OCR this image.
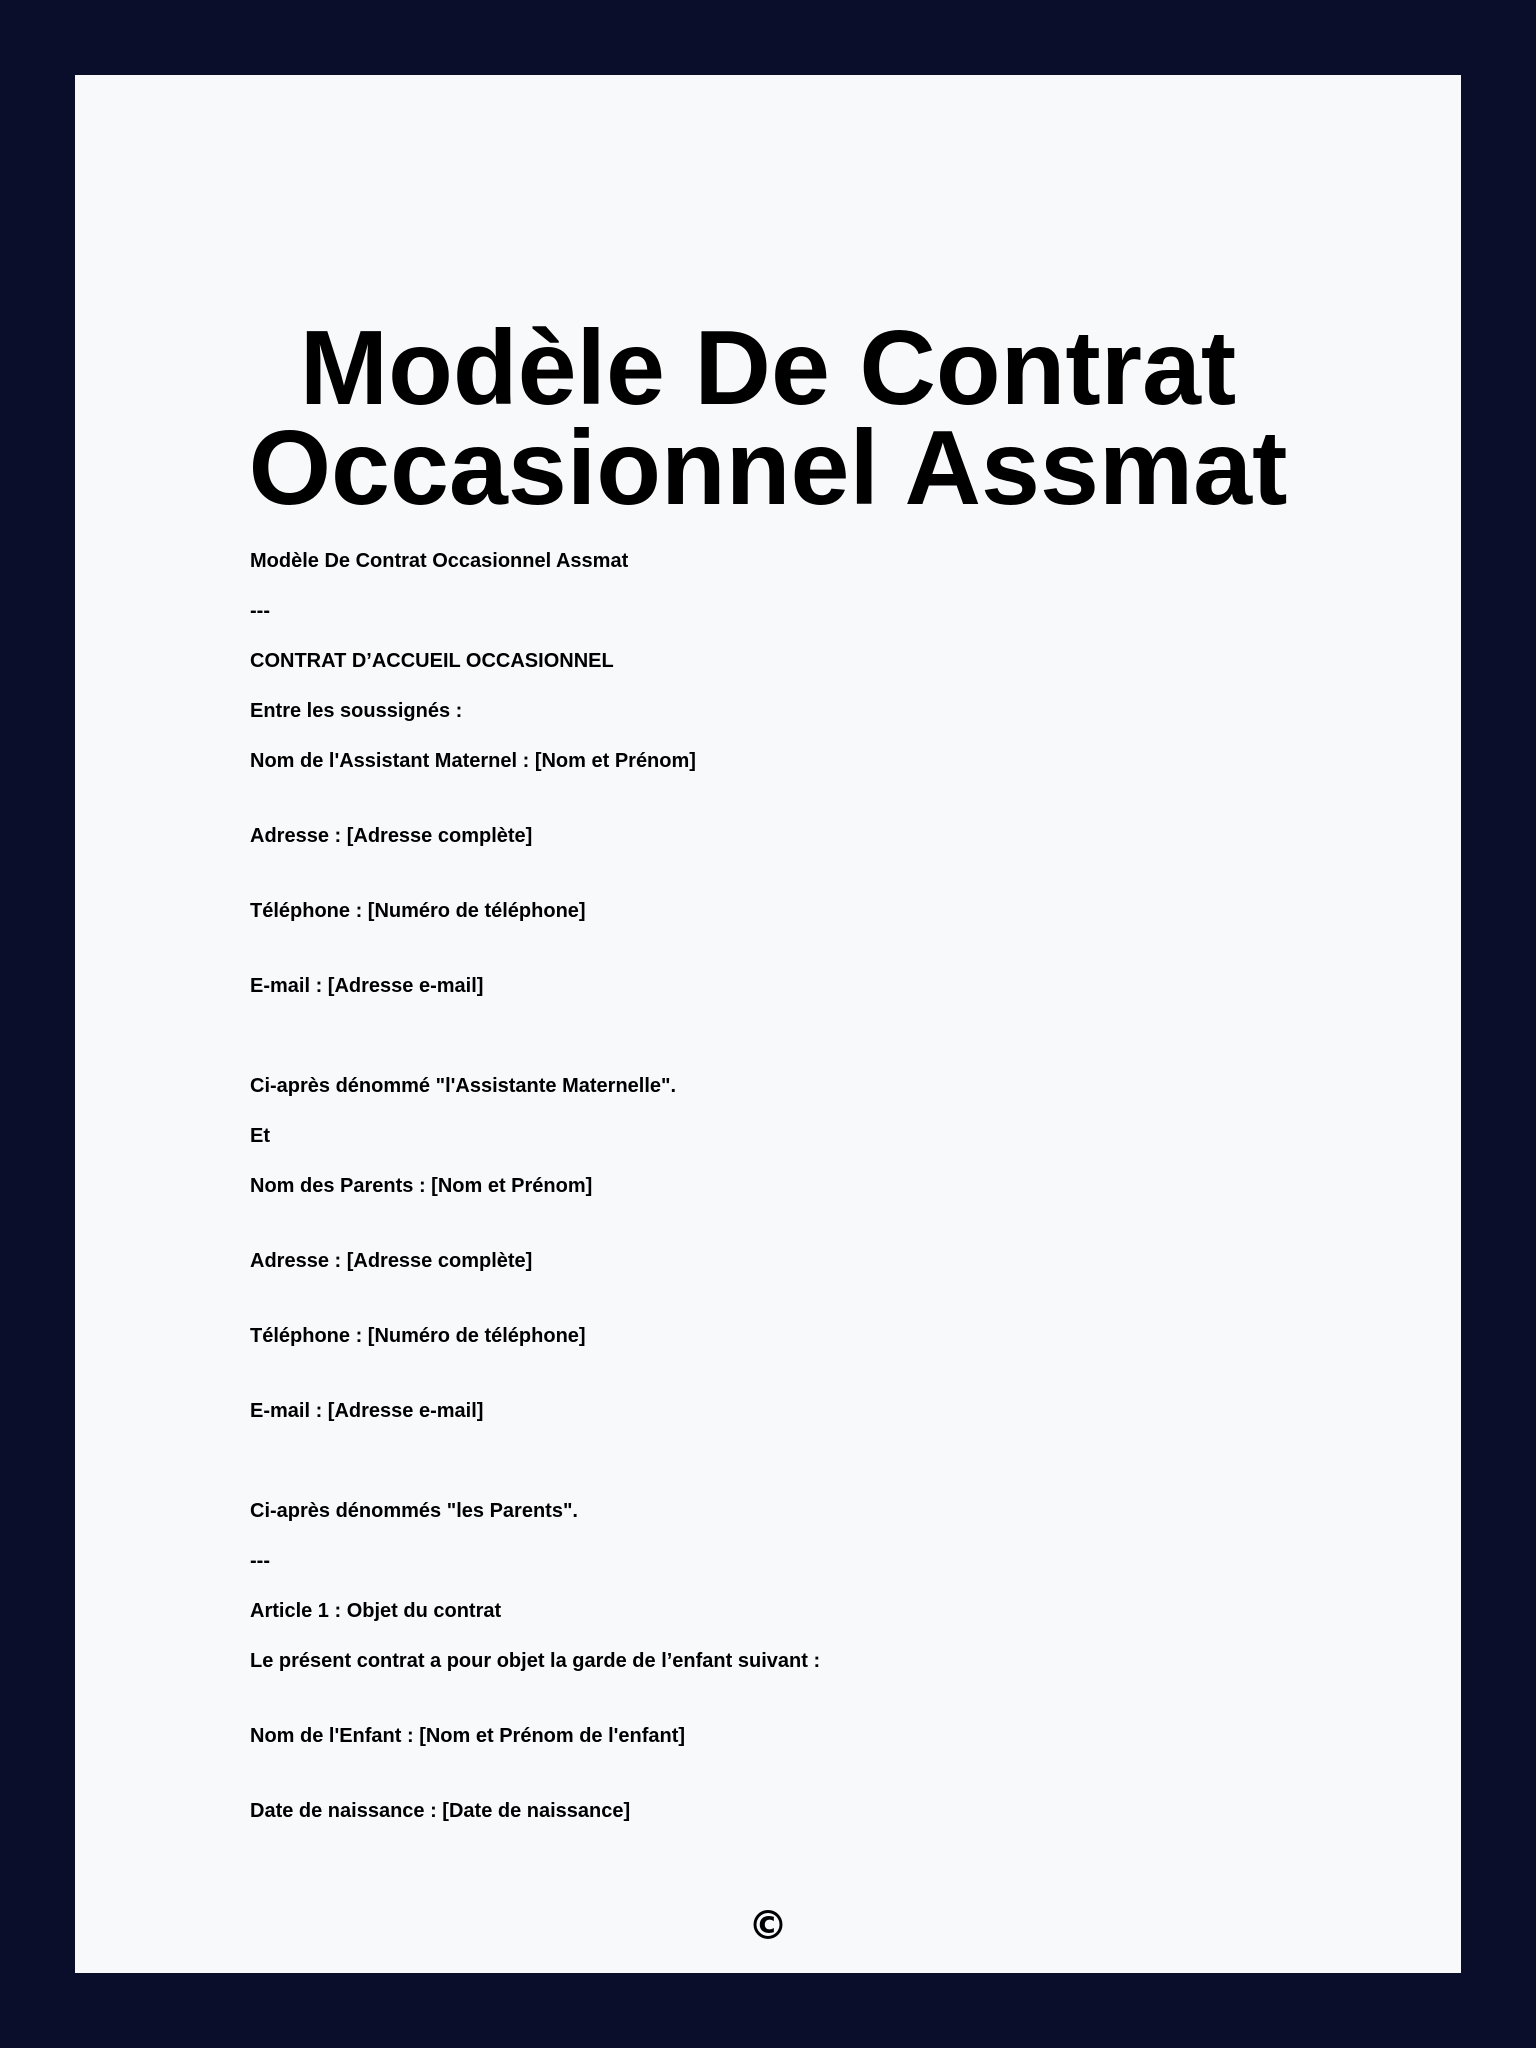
Modèle De Contrat
Occasionnel Assmat
Modèle De Contrat Occasionnel Assmat
---
CONTRAT D’ACCUEIL OCCASIONNEL
Entre les soussignés :
Nom de l'Assistant Maternel : [Nom et Prénom]
Adresse : [Adresse complète]
Téléphone : [Numéro de téléphone]
E-mail : [Adresse e-mail]
Ci-après dénommé "l'Assistante Maternelle".
Et
Nom des Parents : [Nom et Prénom]
Adresse : [Adresse complète]
Téléphone : [Numéro de téléphone]
E-mail : [Adresse e-mail]
Ci-après dénommés "les Parents".
---
Article 1 : Objet du contrat
Le présent contrat a pour objet la garde de l’enfant suivant :
Nom de l'Enfant : [Nom et Prénom de l'enfant]
Date de naissance : [Date de naissance]
©
